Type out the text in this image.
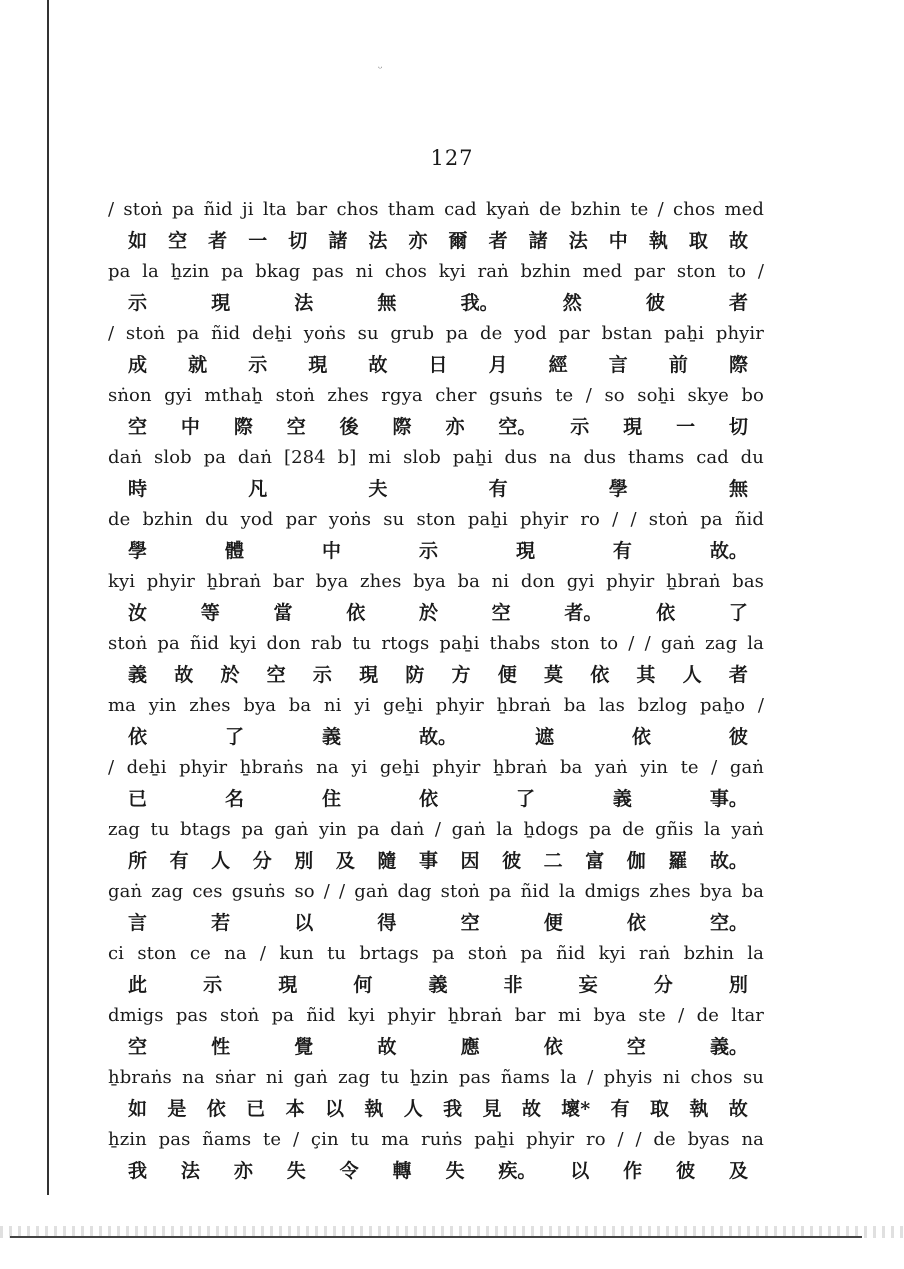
ᵕ
127
/ stoṅ pa ñid ji lta bar chos tham cad kyaṅ de bzhin te / chos med
如 空 者 一 切 諸 法 亦 爾 者 諸 法 中 執 取 故
pa la ẖzin pa bkag pas ni chos kyi raṅ bzhin med par ston to /
示	現	法	無	我。	然	彼	者
/ stoṅ pa ñid deẖi yoṅs su grub pa de yod par bstan paẖi phyir
成 就 示 現 故 日 月 經 言 前 際
sṅon gyi mthaẖ stoṅ zhes rgya cher gsuṅs te / so soẖi skye bo
空 中 際 空 後 際 亦 空。 示 現 一 切
daṅ slob pa daṅ [284 b] mi slob paẖi dus na dus thams cad du
時	凡	夫	有	學	無
de bzhin du yod par yoṅs su ston paẖi phyir ro / / stoṅ pa ñid
學	體	中	示	現	有	故。
kyi phyir ẖbraṅ bar bya zhes bya ba ni don gyi phyir ẖbraṅ bas
汝	等	當	依	於	空	者。	依	了
stoṅ pa ñid kyi don rab tu rtogs paẖi thabs ston to / / gaṅ zag la
義 故 於 空 示 現 防 方 便 莫 依 其 人 者
ma yin zhes bya ba ni yi geẖi phyir ẖbraṅ ba las bzlog paẖo /
依	了	義	故。	遮	依	彼
/ deẖi phyir ẖbraṅs na yi geẖi phyir ẖbraṅ ba yaṅ yin te / gaṅ
已	名	住	依	了	義	事。
zag tu btags pa gaṅ yin pa daṅ / gaṅ la ẖdogs pa de gñis la yaṅ
所 有 人 分 別 及 隨 事 因 彼 二 富 伽 羅 故。
gaṅ zag ces gsuṅs so / / gaṅ dag stoṅ pa ñid la dmigs zhes bya ba
言	若	以	得	空	便	依	空。
ci ston ce na / kun tu brtags pa stoṅ pa ñid kyi raṅ bzhin la
此	示	現	何	義	非	妄	分	別
dmigs pas stoṅ pa ñid kyi phyir ẖbraṅ bar mi bya ste / de ltar
空	性	覺	故	應	依	空	義。
ẖbraṅs na sṅar ni gaṅ zag tu ẖzin pas ñams la / phyis ni chos su
如 是 依 已 本 以 執 人 我 見 故 壞* 有 取 執 故
ẖzin pas ñams te / çin tu ma ruṅs paẖi phyir ro / / de byas na
我 法 亦 失 令 轉 失 疾。 以 作 彼 及
